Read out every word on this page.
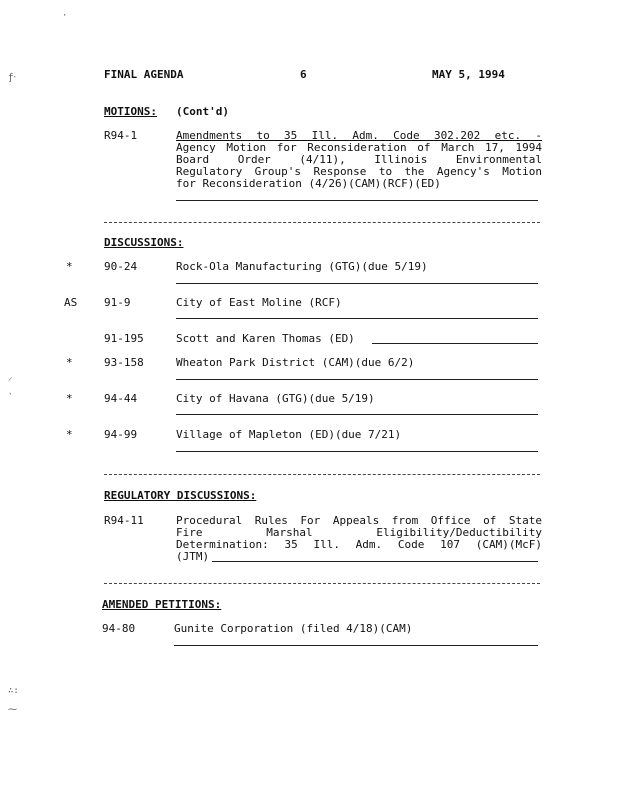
·
ƒ‧
⸝
`
∴:
⁓
FINAL AGENDA	6	MAY 5, 1994
MOTIONS: (Cont'd)
R94-1	Amendments to 35 Ill. Adm. Code 302.202 etc. -
Agency Motion for Reconsideration of March 17, 1994
Board Order (4/11), Illinois Environmental
Regulatory Group's Response to the Agency's Motion
for Reconsideration (4/26)(CAM)(RCF)(ED)
DISCUSSIONS:
*	90-24	Rock-Ola Manufacturing (GTG)(due 5/19)
AS 91-9	City of East Moline (RCF)
91-195	Scott and Karen Thomas (ED)
*	93-158	Wheaton Park District (CAM)(due 6/2)
*	94-44	City of Havana (GTG)(due 5/19)
*	94-99	Village of Mapleton (ED)(due 7/21)
REGULATORY DISCUSSIONS:
R94-11	Procedural Rules For Appeals from Office of State
Fire Marshal Eligibility/Deductibility
Determination: 35 Ill. Adm. Code 107 (CAM)(McF)
(JTM)
AMENDED PETITIONS:
94-80	Gunite Corporation (filed 4/18)(CAM)
